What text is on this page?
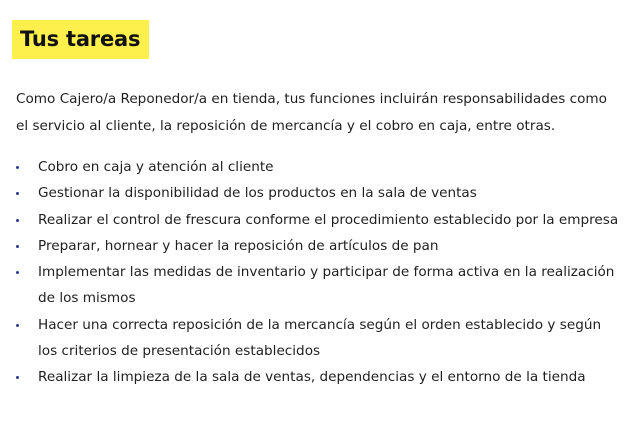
Tus tareas

Como Cajero/a Reponedor/a en tienda, tus funciones incluirán responsabilidades como el servicio al cliente, la reposición de mercancía y el cobro en caja, entre otras.

Cobro en caja y atención al cliente
Gestionar la disponibilidad de los productos en la sala de ventas
Realizar el control de frescura conforme el procedimiento establecido por la empresa
Preparar, hornear y hacer la reposición de artículos de pan
Implementar las medidas de inventario y participar de forma activa en la realización de los mismos
Hacer una correcta reposición de la mercancía según el orden establecido y según los criterios de presentación establecidos
Realizar la limpieza de la sala de ventas, dependencias y el entorno de la tienda
